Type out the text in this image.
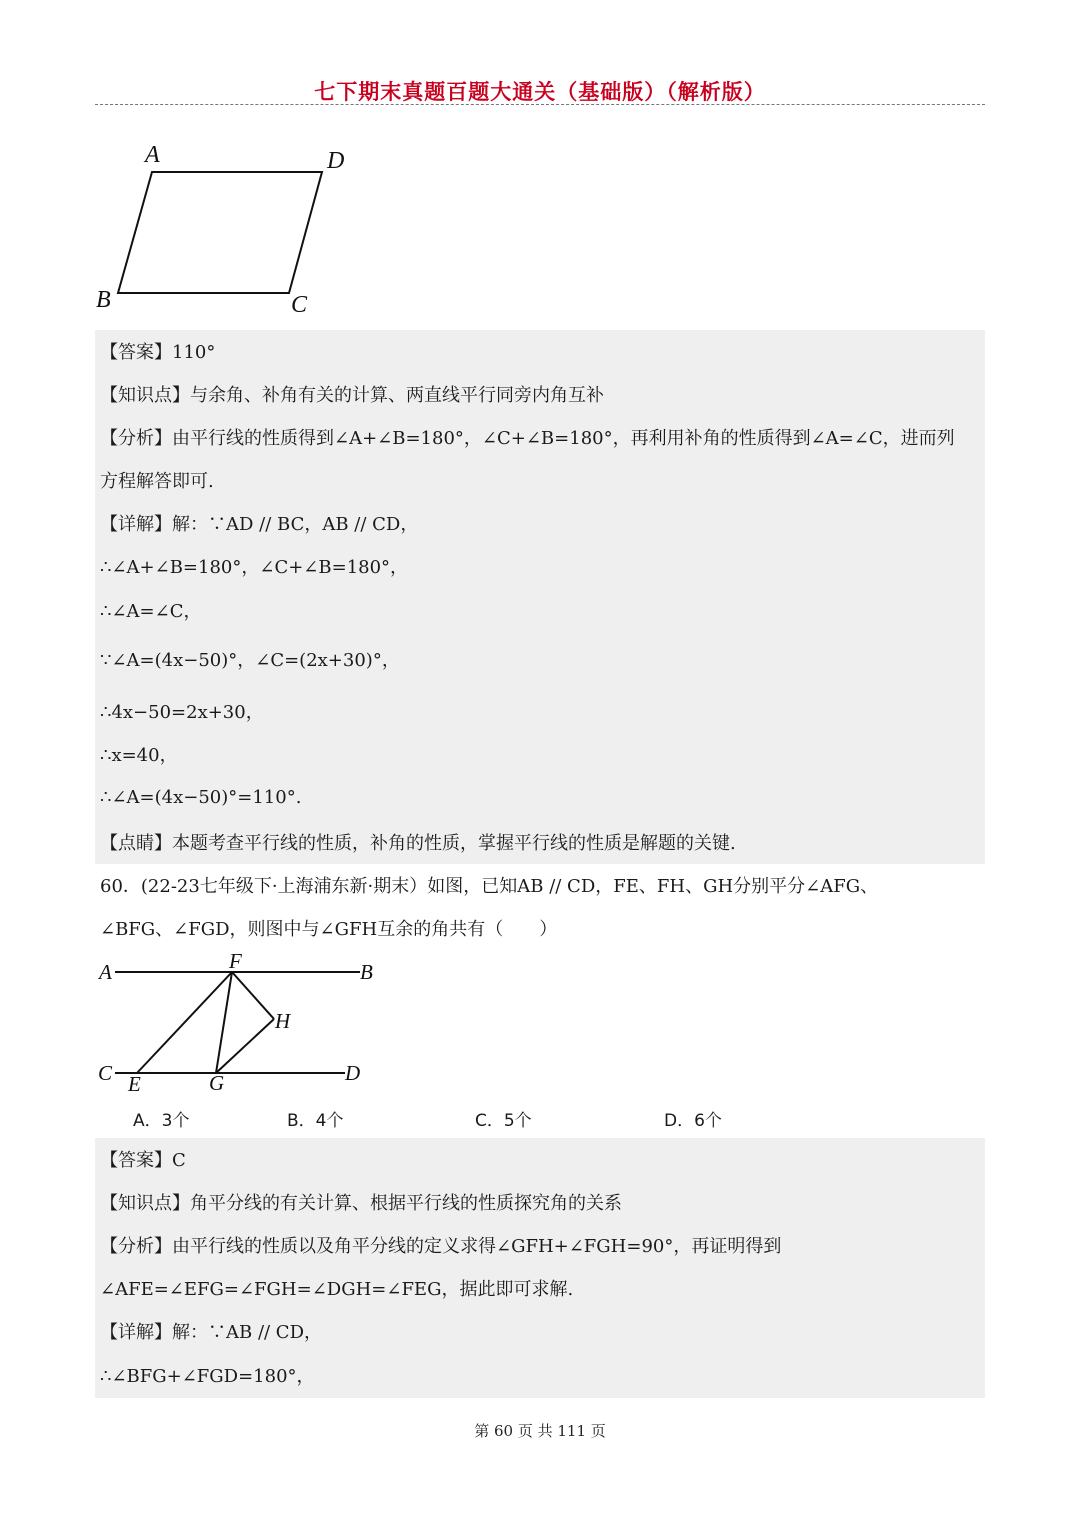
七下期末真题百题大通关（基础版）（解析版）
A	D
B	C
【答案】110°
【知识点】与余角、补角有关的计算、两直线平行同旁内角互补
【分析】由平行线的性质得到∠A+∠B=180°，∠C+∠B=180°，再利用补角的性质得到∠A=∠C，进而列
方程解答即可.
【详解】解：∵AD // BC，AB // CD，
∴∠A+∠B=180°，∠C+∠B=180°，
∴∠A=∠C，
∵∠A=(4x−50)°，∠C=(2x+30)°，
∴4x−50=2x+30，
∴x=40，
∴∠A=(4x−50)°=110°.
【点睛】本题考查平行线的性质，补角的性质，掌握平行线的性质是解题的关键.
60．(22-23七年级下·上海浦东新·期末）如图，已知AB // CD，FE、FH、GH分别平分∠AFG、
∠BFG、∠FGD，则图中与∠GFH互余的角共有（　　）
A	F	B
H
C E	G	D
A．3个	B．4个	C．5个	D．6个
【答案】C
【知识点】角平分线的有关计算、根据平行线的性质探究角的关系
【分析】由平行线的性质以及角平分线的定义求得∠GFH+∠FGH=90°，再证明得到
∠AFE=∠EFG=∠FGH=∠DGH=∠FEG，据此即可求解.
【详解】解：∵AB // CD，
∴∠BFG+∠FGD=180°，
第 60 页 共 111 页
